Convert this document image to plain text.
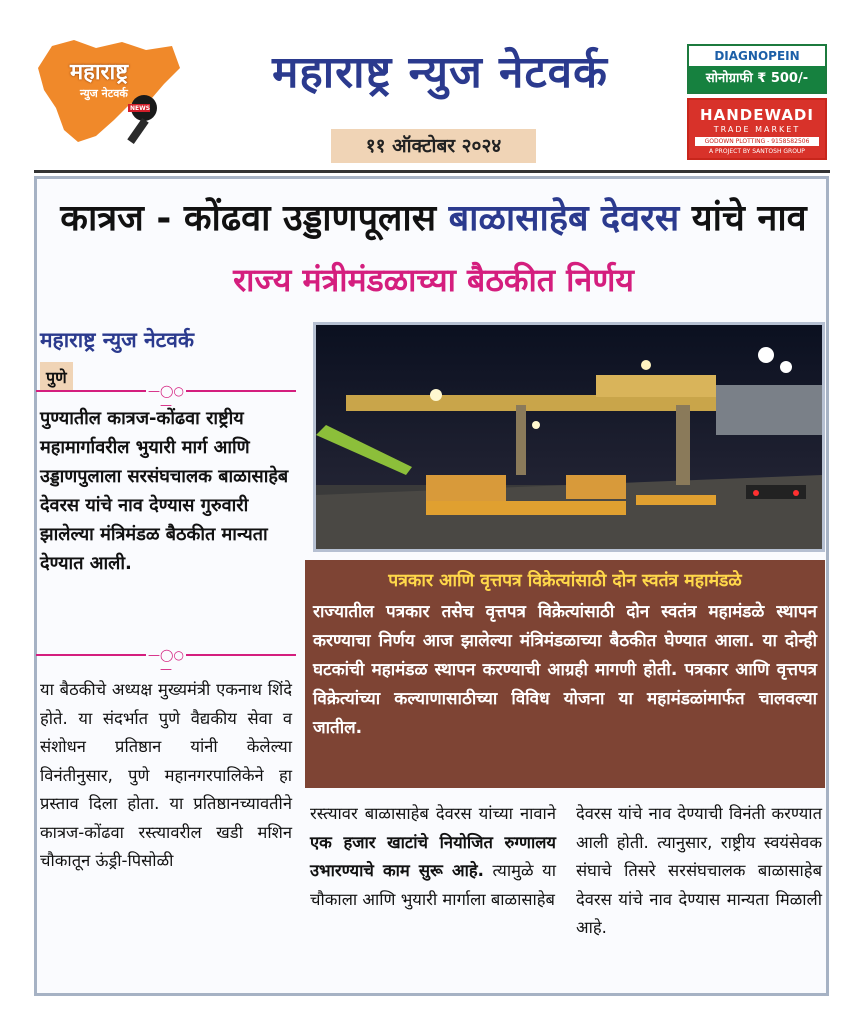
महाराष्ट्र
न्युज नेटवर्क
NEWS
महाराष्ट्र न्युज नेटवर्क
११ ऑक्टोबर २०२४
DIAGNOPEIN
सोनोग्राफी ₹ 500/-
HANDEWADI
TRADE MARKET
GODOWN PLOTTING - 9158582506
A PROJECT BY SANTOSH GROUP
कात्रज - कोंढवा उड्डाणपूलास बाळासाहेब देवरस यांचे नाव
राज्य मंत्रीमंडळाच्या बैठकीत निर्णय
महाराष्ट्र न्युज नेटवर्क
पुणे
—◯○—
पुण्यातील कात्रज-कोंढवा राष्ट्रीय महामार्गावरील भुयारी मार्ग आणि उड्डाणपुलाला सरसंघचालक बाळासाहेब देवरस यांचे नाव देण्यास गुरुवारी झालेल्या मंत्रिमंडळ बैठकीत मान्यता देण्यात आली.
—◯○—
या बैठकीचे अध्यक्ष मुख्यमंत्री एकनाथ शिंदे होते. या संदर्भात पुणे वैद्यकीय सेवा व संशोधन प्रतिष्ठान यांनी केलेल्या विनंतीनुसार, पुणे महानगरपालिकेने हा प्रस्ताव दिला होता. या प्रतिष्ठानच्यावतीने कात्रज-कोंढवा रस्त्यावरील खडी मशिन चौकातून ऊंड्री-पिसोळी
रस्त्यावर बाळासाहेब देवरस यांच्या नावाने एक हजार खाटांचे नियोजित रुग्णालय उभारण्याचे काम सुरू आहे. त्यामुळे या चौकाला आणि भुयारी मार्गाला बाळासाहेब
देवरस यांचे नाव देण्याची विनंती करण्यात आली होती. त्यानुसार, राष्ट्रीय स्वयंसेवक संघाचे तिसरे सरसंघचालक बाळासाहेब देवरस यांचे नाव देण्यास मान्यता मिळाली आहे.
पत्रकार आणि वृत्तपत्र विक्रेत्यांसाठी दोन स्वतंत्र महामंडळे
राज्यातील पत्रकार तसेच वृत्तपत्र विक्रेत्यांसाठी दोन स्वतंत्र महामंडळे स्थापन करण्याचा निर्णय आज झालेल्या मंत्रिमंडळाच्या बैठकीत घेण्यात आला. या दोन्ही घटकांची महामंडळ स्थापन करण्याची आग्रही मागणी होती. पत्रकार आणि वृत्तपत्र विक्रेत्यांच्या कल्याणासाठीच्या विविध योजना या महामंडळांमार्फत चालवल्या जातील.
